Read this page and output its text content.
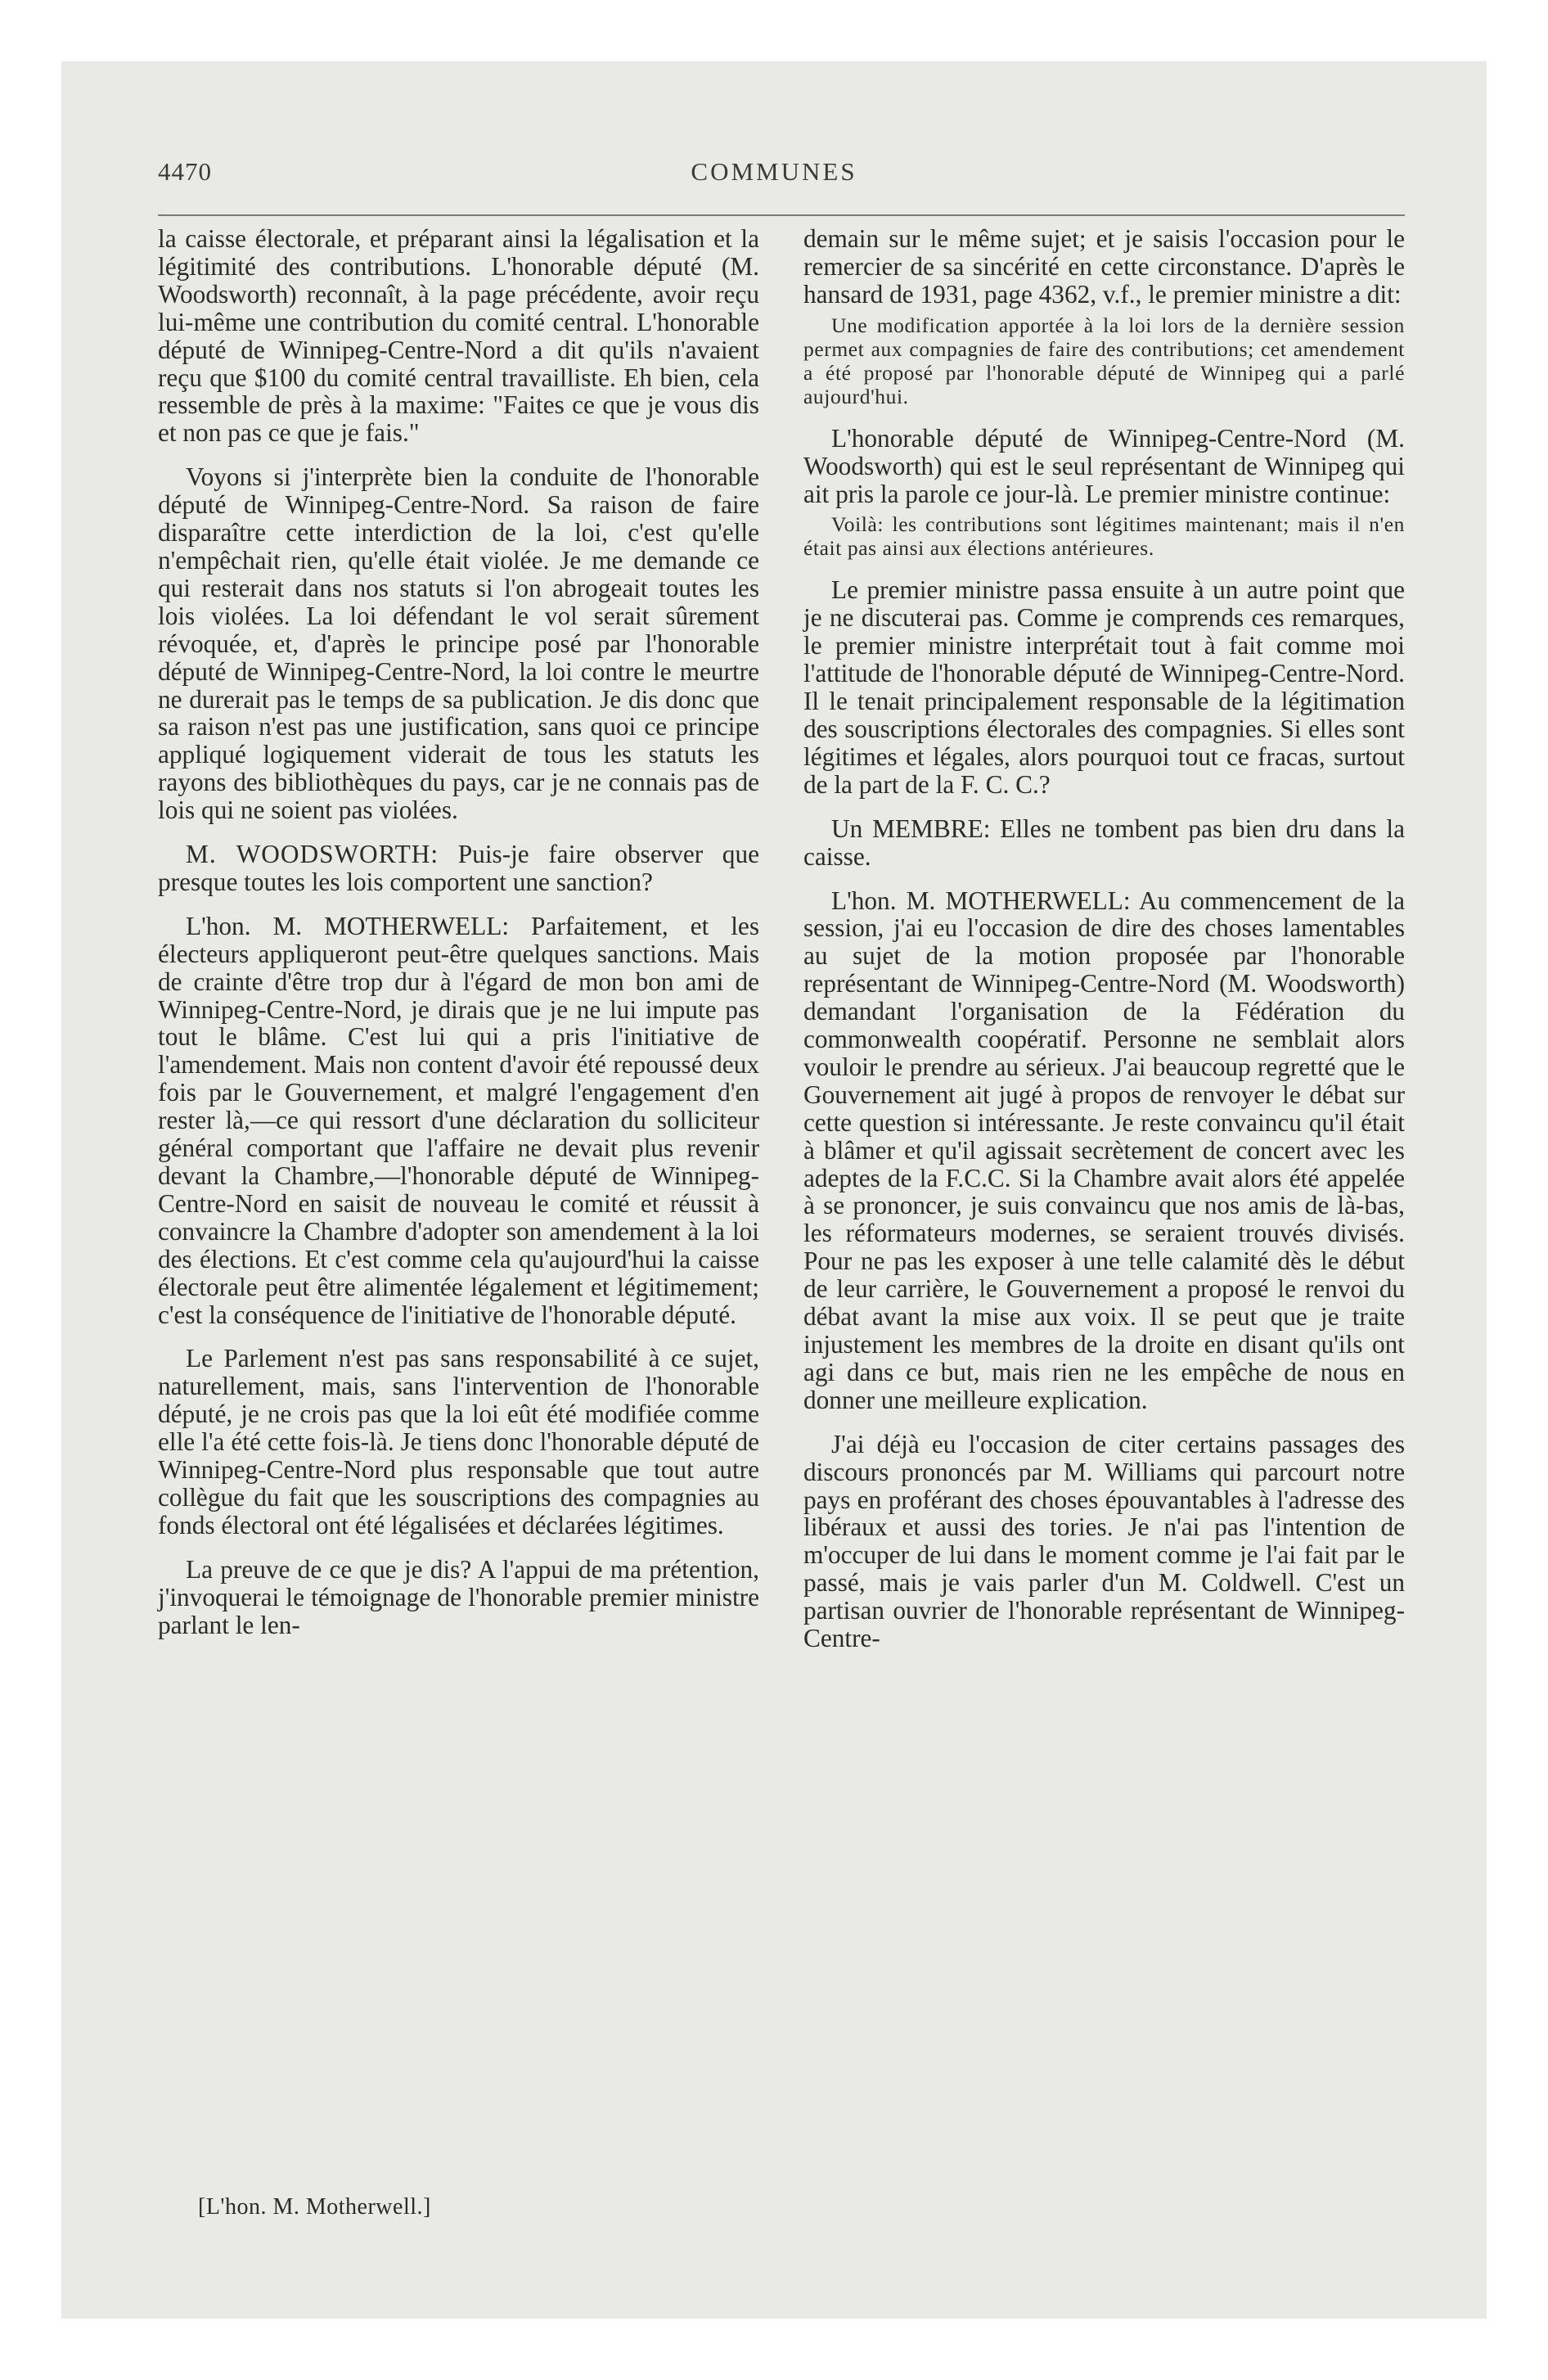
4470	COMMUNES

la caisse électorale, et préparant ainsi la légalisation et la légitimité des contributions. L'honorable député (M. Woodsworth) reconnaît, à la page précédente, avoir reçu lui-même une contribution du comité central. L'honorable député de Winnipeg-Centre-Nord a dit qu'ils n'avaient reçu que $100 du comité central travailliste. Eh bien, cela ressemble de près à la maxime: "Faites ce que je vous dis et non pas ce que je fais."

Voyons si j'interprète bien la conduite de l'honorable député de Winnipeg-Centre-Nord. Sa raison de faire disparaître cette interdiction de la loi, c'est qu'elle n'empêchait rien, qu'elle était violée. Je me demande ce qui resterait dans nos statuts si l'on abrogeait toutes les lois violées. La loi défendant le vol serait sûrement révoquée, et, d'après le principe posé par l'honorable député de Winnipeg-Centre-Nord, la loi contre le meurtre ne durerait pas le temps de sa publication. Je dis donc que sa raison n'est pas une justification, sans quoi ce principe appliqué logiquement viderait de tous les statuts les rayons des bibliothèques du pays, car je ne connais pas de lois qui ne soient pas violées.

M. WOODSWORTH: Puis-je faire observer que presque toutes les lois comportent une sanction?

L'hon. M. MOTHERWELL: Parfaitement, et les électeurs appliqueront peut-être quelques sanctions. Mais de crainte d'être trop dur à l'égard de mon bon ami de Winnipeg-Centre-Nord, je dirais que je ne lui impute pas tout le blâme. C'est lui qui a pris l'initiative de l'amendement. Mais non content d'avoir été repoussé deux fois par le Gouvernement, et malgré l'engagement d'en rester là,—ce qui ressort d'une déclaration du solliciteur général comportant que l'affaire ne devait plus revenir devant la Chambre,—l'honorable député de Winnipeg-Centre-Nord en saisit de nouveau le comité et réussit à convaincre la Chambre d'adopter son amendement à la loi des élections. Et c'est comme cela qu'aujourd'hui la caisse électorale peut être alimentée légalement et légitimement; c'est la conséquence de l'initiative de l'honorable député.

Le Parlement n'est pas sans responsabilité à ce sujet, naturellement, mais, sans l'intervention de l'honorable député, je ne crois pas que la loi eût été modifiée comme elle l'a été cette fois-là. Je tiens donc l'honorable député de Winnipeg-Centre-Nord plus responsable que tout autre collègue du fait que les souscriptions des compagnies au fonds électoral ont été légalisées et déclarées légitimes.

La preuve de ce que je dis? A l'appui de ma prétention, j'invoquerai le témoignage de l'honorable premier ministre parlant le len-

demain sur le même sujet; et je saisis l'occasion pour le remercier de sa sincérité en cette circonstance. D'après le hansard de 1931, page 4362, v.f., le premier ministre a dit:

Une modification apportée à la loi lors de la dernière session permet aux compagnies de faire des contributions; cet amendement a été proposé par l'honorable député de Winnipeg qui a parlé aujourd'hui.

L'honorable député de Winnipeg-Centre-Nord (M. Woodsworth) qui est le seul représentant de Winnipeg qui ait pris la parole ce jour-là. Le premier ministre continue:

Voilà: les contributions sont légitimes maintenant; mais il n'en était pas ainsi aux élections antérieures.

Le premier ministre passa ensuite à un autre point que je ne discuterai pas. Comme je comprends ces remarques, le premier ministre interprétait tout à fait comme moi l'attitude de l'honorable député de Winnipeg-Centre-Nord. Il le tenait principalement responsable de la légitimation des souscriptions électorales des compagnies. Si elles sont légitimes et légales, alors pourquoi tout ce fracas, surtout de la part de la F. C. C.?

Un MEMBRE: Elles ne tombent pas bien dru dans la caisse.

L'hon. M. MOTHERWELL: Au commencement de la session, j'ai eu l'occasion de dire des choses lamentables au sujet de la motion proposée par l'honorable représentant de Winnipeg-Centre-Nord (M. Woodsworth) demandant l'organisation de la Fédération du commonwealth coopératif. Personne ne semblait alors vouloir le prendre au sérieux. J'ai beaucoup regretté que le Gouvernement ait jugé à propos de renvoyer le débat sur cette question si intéressante. Je reste convaincu qu'il était à blâmer et qu'il agissait secrètement de concert avec les adeptes de la F.C.C. Si la Chambre avait alors été appelée à se prononcer, je suis convaincu que nos amis de là-bas, les réformateurs modernes, se seraient trouvés divisés. Pour ne pas les exposer à une telle calamité dès le début de leur carrière, le Gouvernement a proposé le renvoi du débat avant la mise aux voix. Il se peut que je traite injustement les membres de la droite en disant qu'ils ont agi dans ce but, mais rien ne les empêche de nous en donner une meilleure explication.

J'ai déjà eu l'occasion de citer certains passages des discours prononcés par M. Williams qui parcourt notre pays en proférant des choses épouvantables à l'adresse des libéraux et aussi des tories. Je n'ai pas l'intention de m'occuper de lui dans le moment comme je l'ai fait par le passé, mais je vais parler d'un M. Coldwell. C'est un partisan ouvrier de l'honorable représentant de Winnipeg-Centre-

[L'hon. M. Motherwell.]
